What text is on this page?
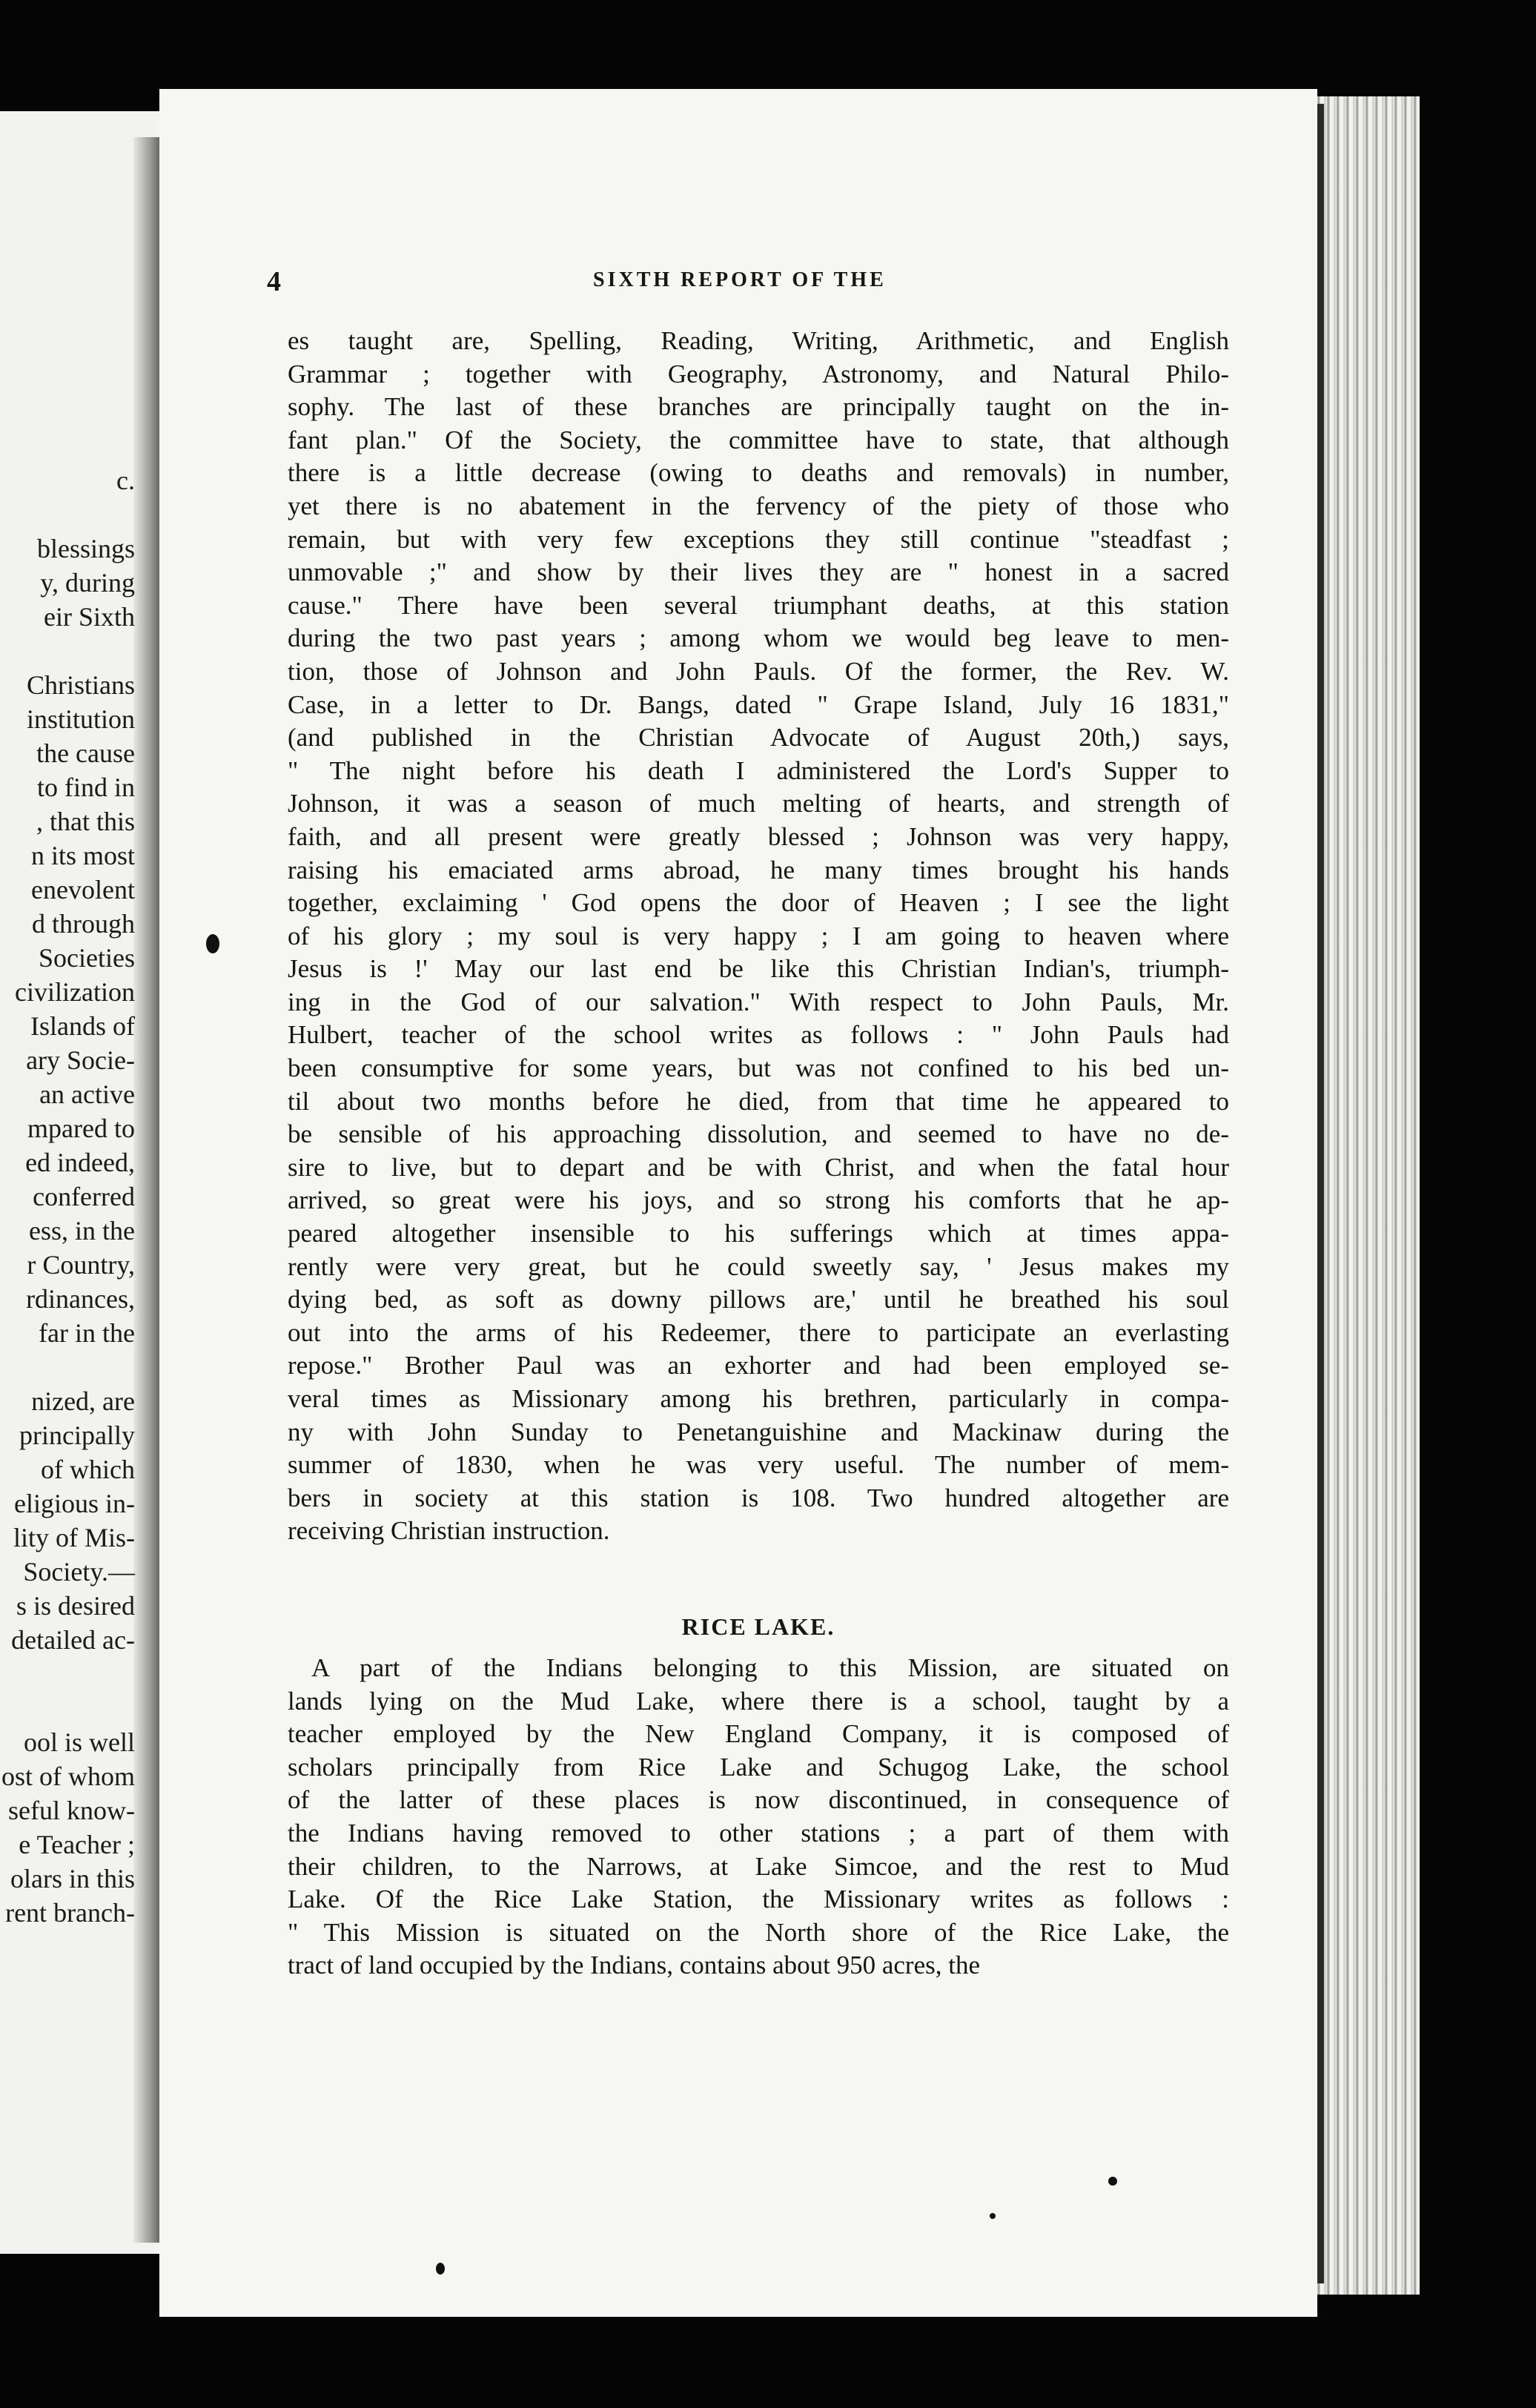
c.
blessings
y, during
eir Sixth
Christians
institution
the cause
to find in
, that this
n its most
enevolent
d through
Societies
civilization
Islands of
ary Socie-
an active
mpared to
ed indeed,
conferred
ess, in the
r Country,
rdinances,
far in the
nized, are
principally
of which
eligious in-
lity of Mis-
Society.—
s is desired
detailed ac-
ool is well
ost of whom
seful know-
e Teacher ;
olars in this
rent branch-
4	SIXTH REPORT OF THE
es taught are, Spelling, Reading, Writing, Arithmetic, and English
Grammar ; together with Geography, Astronomy, and Natural Philo-
sophy. The last of these branches are principally taught on the in-
fant plan." Of the Society, the committee have to state, that although
there is a little decrease (owing to deaths and removals) in number,
yet there is no abatement in the fervency of the piety of those who
remain, but with very few exceptions they still continue "steadfast ;
unmovable ;" and show by their lives they are " honest in a sacred
cause." There have been several triumphant deaths, at this station
during the two past years ; among whom we would beg leave to men-
tion, those of Johnson and John Pauls. Of the former, the Rev. W.
Case, in a letter to Dr. Bangs, dated " Grape Island, July 16 1831,"
(and published in the Christian Advocate of August 20th,) says,
" The night before his death I administered the Lord's Supper to
Johnson, it was a season of much melting of hearts, and strength of
faith, and all present were greatly blessed ; Johnson was very happy,
raising his emaciated arms abroad, he many times brought his hands
together, exclaiming ' God opens the door of Heaven ; I see the light
of his glory ; my soul is very happy ; I am going to heaven where
Jesus is !' May our last end be like this Christian Indian's, triumph-
ing in the God of our salvation." With respect to John Pauls, Mr.
Hulbert, teacher of the school writes as follows : " John Pauls had
been consumptive for some years, but was not confined to his bed un-
til about two months before he died, from that time he appeared to
be sensible of his approaching dissolution, and seemed to have no de-
sire to live, but to depart and be with Christ, and when the fatal hour
arrived, so great were his joys, and so strong his comforts that he ap-
peared altogether insensible to his sufferings which at times appa-
rently were very great, but he could sweetly say, ' Jesus makes my
dying bed, as soft as downy pillows are,' until he breathed his soul
out into the arms of his Redeemer, there to participate an everlasting
repose." Brother Paul was an exhorter and had been employed se-
veral times as Missionary among his brethren, particularly in compa-
ny with John Sunday to Penetanguishine and Mackinaw during the
summer of 1830, when he was very useful. The number of mem-
bers in society at this station is 108. Two hundred altogether are
receiving Christian instruction.
RICE LAKE.
A part of the Indians belonging to this Mission, are situated on
lands lying on the Mud Lake, where there is a school, taught by a
teacher employed by the New England Company, it is composed of
scholars principally from Rice Lake and Schugog Lake, the school
of the latter of these places is now discontinued, in consequence of
the Indians having removed to other stations ; a part of them with
their children, to the Narrows, at Lake Simcoe, and the rest to Mud
Lake. Of the Rice Lake Station, the Missionary writes as follows :
" This Mission is situated on the North shore of the Rice Lake, the
tract of land occupied by the Indians, contains about 950 acres, the
